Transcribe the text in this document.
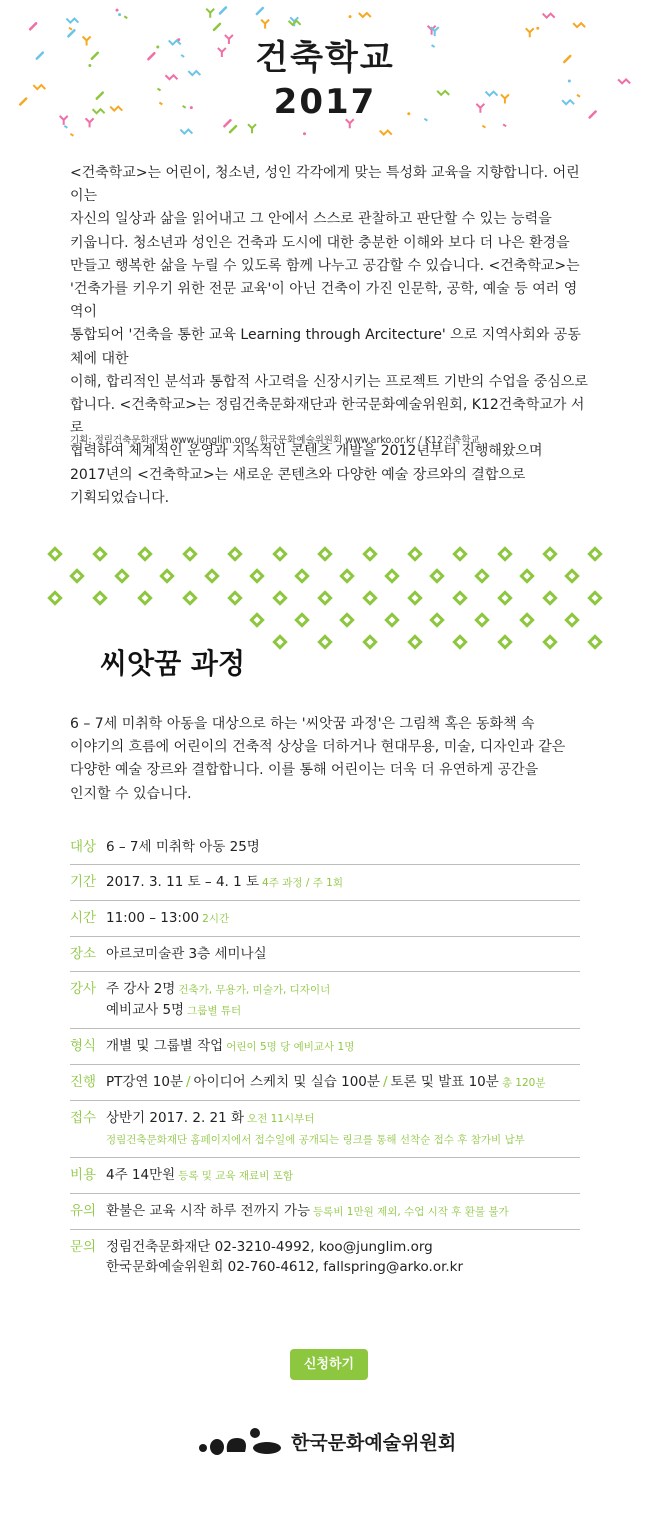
건축학교
2017

<건축학교>는 어린이, 청소년, 성인 각각에게 맞는 특성화 교육을 지향합니다. 어린이는

자신의 일상과 삶을 읽어내고 그 안에서 스스로 관찰하고 판단할 수 있는 능력을

키웁니다. 청소년과 성인은 건축과 도시에 대한 충분한 이해와 보다 더 나은 환경을

만들고 행복한 삶을 누릴 수 있도록 함께 나누고 공감할 수 있습니다. <건축학교>는

'건축가를 키우기 위한 전문 교육'이 아닌 건축이 가진 인문학, 공학, 예술 등 여러 영역이

통합되어 '건축을 통한 교육 Learning through Arcitecture' 으로 지역사회와 공동체에 대한

이해, 합리적인 분석과 통합적 사고력을 신장시키는 프로젝트 기반의 수업을 중심으로

합니다. <건축학교>는 정림건축문화재단과 한국문화예술위원회, K12건축학교가 서로

협력하여 체계적인 운영과 지속적인 콘텐츠 개발을 2012년부터 진행해왔으며

2017년의 <건축학교>는 새로운 콘텐츠와 다양한 예술 장르와의 결합으로

기획되었습니다.

기획: 정림건축문화재단 www.junglim.org / 한국문화예술위원회 www.arko.or.kr / K12건축학교
씨앗꿈 과정

6 – 7세 미취학 아동을 대상으로 하는 '씨앗꿈 과정'은 그림책 혹은 동화책 속

이야기의 흐름에 어린이의 건축적 상상을 더하거나 현대무용, 미술, 디자인과 같은

다양한 예술 장르와 결합합니다. 이를 통해 어린이는 더욱 더 유연하게 공간을

인지할 수 있습니다.

대상 6 – 7세 미취학 아동 25명
기간 2017. 3. 11 토 – 4. 1 토 4주 과정 / 주 1회
시간 11:00 – 13:00 2시간
장소 아르코미술관 3층 세미나실
강사 주 강사 2명 건축가, 무용가, 미술가, 디자이너
예비교사 5명 그룹별 튜터
형식 개별 및 그룹별 작업 어린이 5명 당 예비교사 1명
진행 PT강연 10분 / 아이디어 스케치 및 실습 100분 / 토론 및 발표 10분 총 120분
접수 상반기 2017. 2. 21 화 오전 11시부터
정림건축문화재단 홈페이지에서 접수일에 공개되는 링크를 통해 선착순 접수 후 참가비 납부
비용 4주 14만원 등록 및 교육 재료비 포함
유의 환불은 교육 시작 하루 전까지 가능 등록비 1만원 제외, 수업 시작 후 환불 불가
문의 정림건축문화재단 02-3210-4992, koo@junglim.org
한국문화예술위원회 02-760-4612, fallspring@arko.or.kr
신청하기
한국문화예술위원회
